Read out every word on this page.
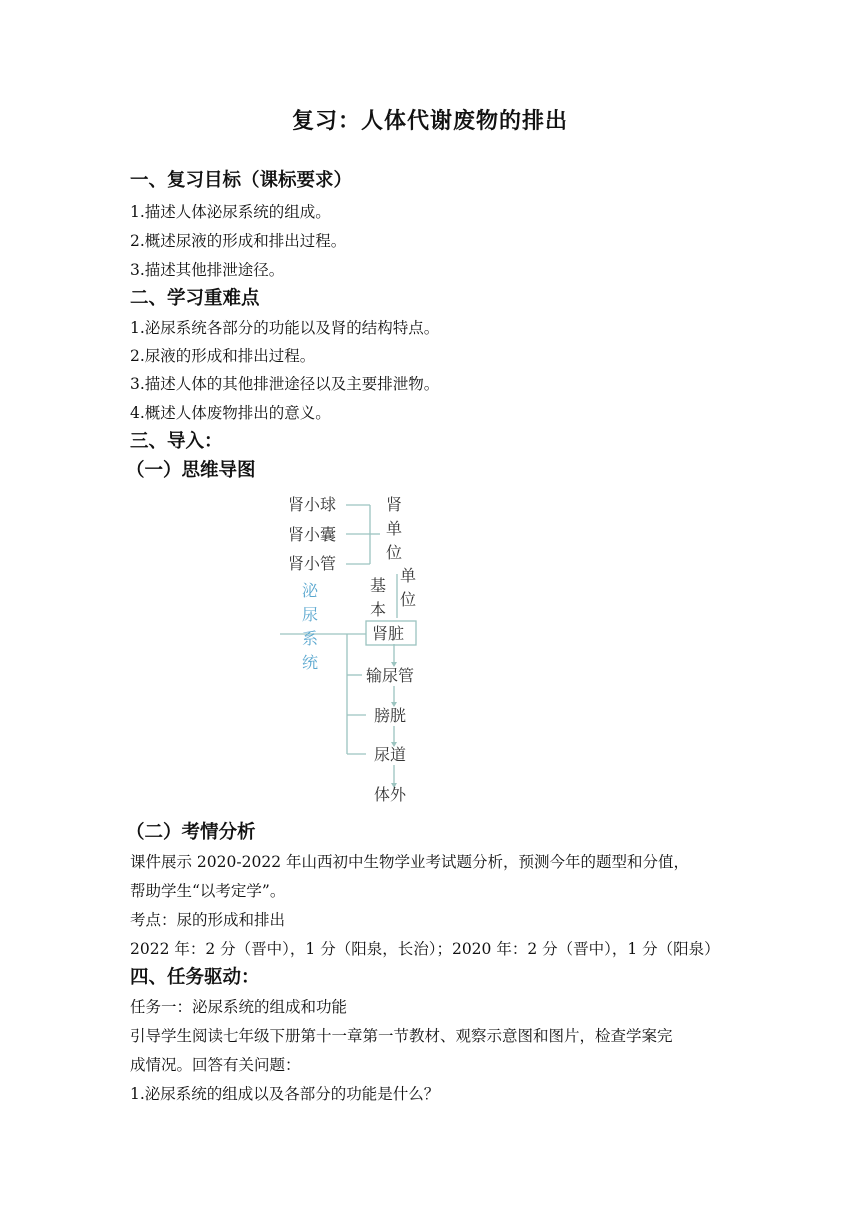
复习：人体代谢废物的排出
一、复习目标（课标要求）
1.描述人体泌尿系统的组成。
2.概述尿液的形成和排出过程。
3.描述其他排泄途径。
二、学习重难点
1.泌尿系统各部分的功能以及肾的结构特点。
2.尿液的形成和排出过程。
3.描述人体的其他排泄途径以及主要排泄物。
4.概述人体废物排出的意义。
三、导入：
（一）思维导图
肾小球
肾小囊
肾小管
肾单位
基本单位
泌尿系统
肾脏
输尿管
膀胱
尿道
体外
（二）考情分析
课件展示 2020-2022 年山西初中生物学业考试题分析，预测今年的题型和分值，
帮助学生“以考定学”。
考点：尿的形成和排出
2022 年：2 分（晋中），1 分（阳泉，长治）；2020 年：2 分（晋中），1 分（阳泉）
四、任务驱动：
任务一：泌尿系统的组成和功能
引导学生阅读七年级下册第十一章第一节教材、观察示意图和图片，检查学案完
成情况。回答有关问题：
1.泌尿系统的组成以及各部分的功能是什么？
